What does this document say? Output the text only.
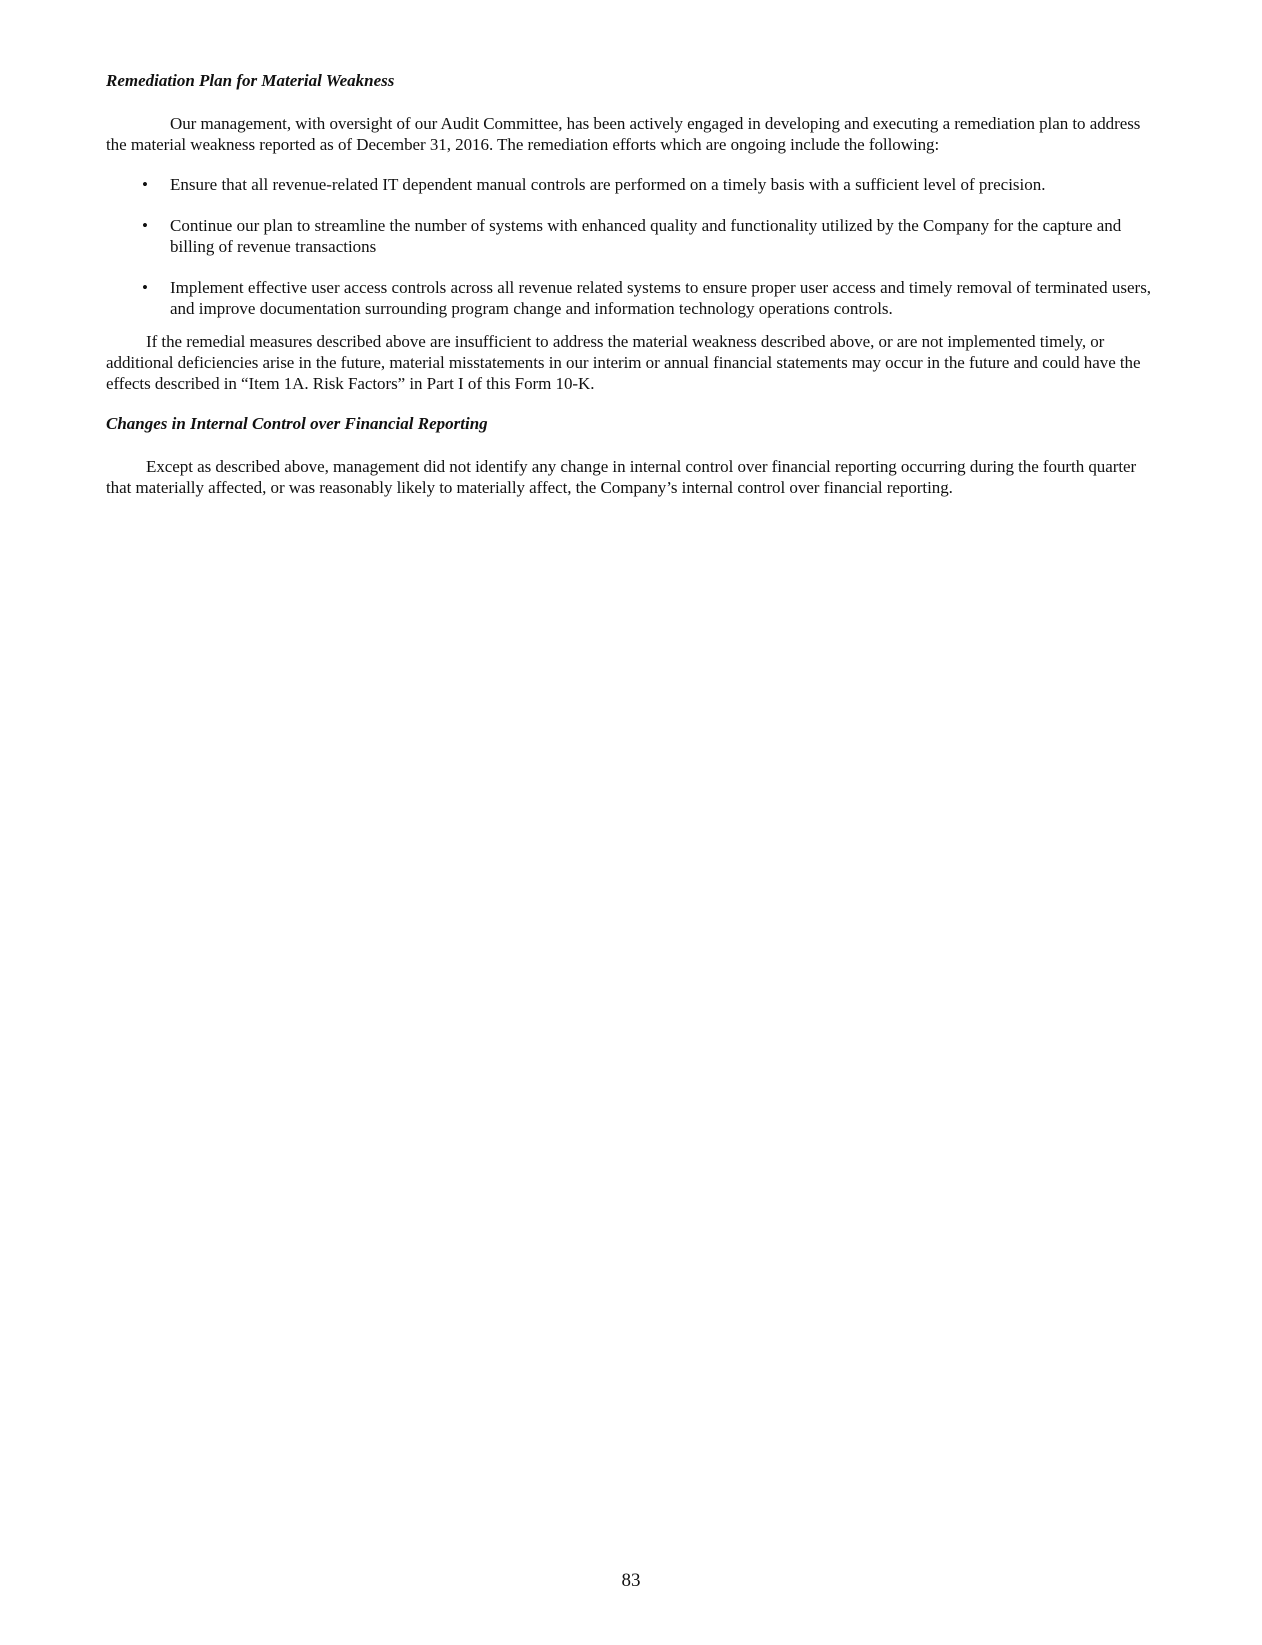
Remediation Plan for Material Weakness

Our management, with oversight of our Audit Committee, has been actively engaged in developing and executing a remediation plan to address the material weakness reported as of December 31, 2016. The remediation efforts which are ongoing include the following:

• Ensure that all revenue-related IT dependent manual controls are performed on a timely basis with a sufficient level of precision.
• Continue our plan to streamline the number of systems with enhanced quality and functionality utilized by the Company for the capture and billing of revenue transactions
• Implement effective user access controls across all revenue related systems to ensure proper user access and timely removal of terminated users, and improve documentation surrounding program change and information technology operations controls.

If the remedial measures described above are insufficient to address the material weakness described above, or are not implemented timely, or additional deficiencies arise in the future, material misstatements in our interim or annual financial statements may occur in the future and could have the effects described in “Item 1A. Risk Factors” in Part I of this Form 10-K.

Changes in Internal Control over Financial Reporting

Except as described above, management did not identify any change in internal control over financial reporting occurring during the fourth quarter that materially affected, or was reasonably likely to materially affect, the Company’s internal control over financial reporting.

83
